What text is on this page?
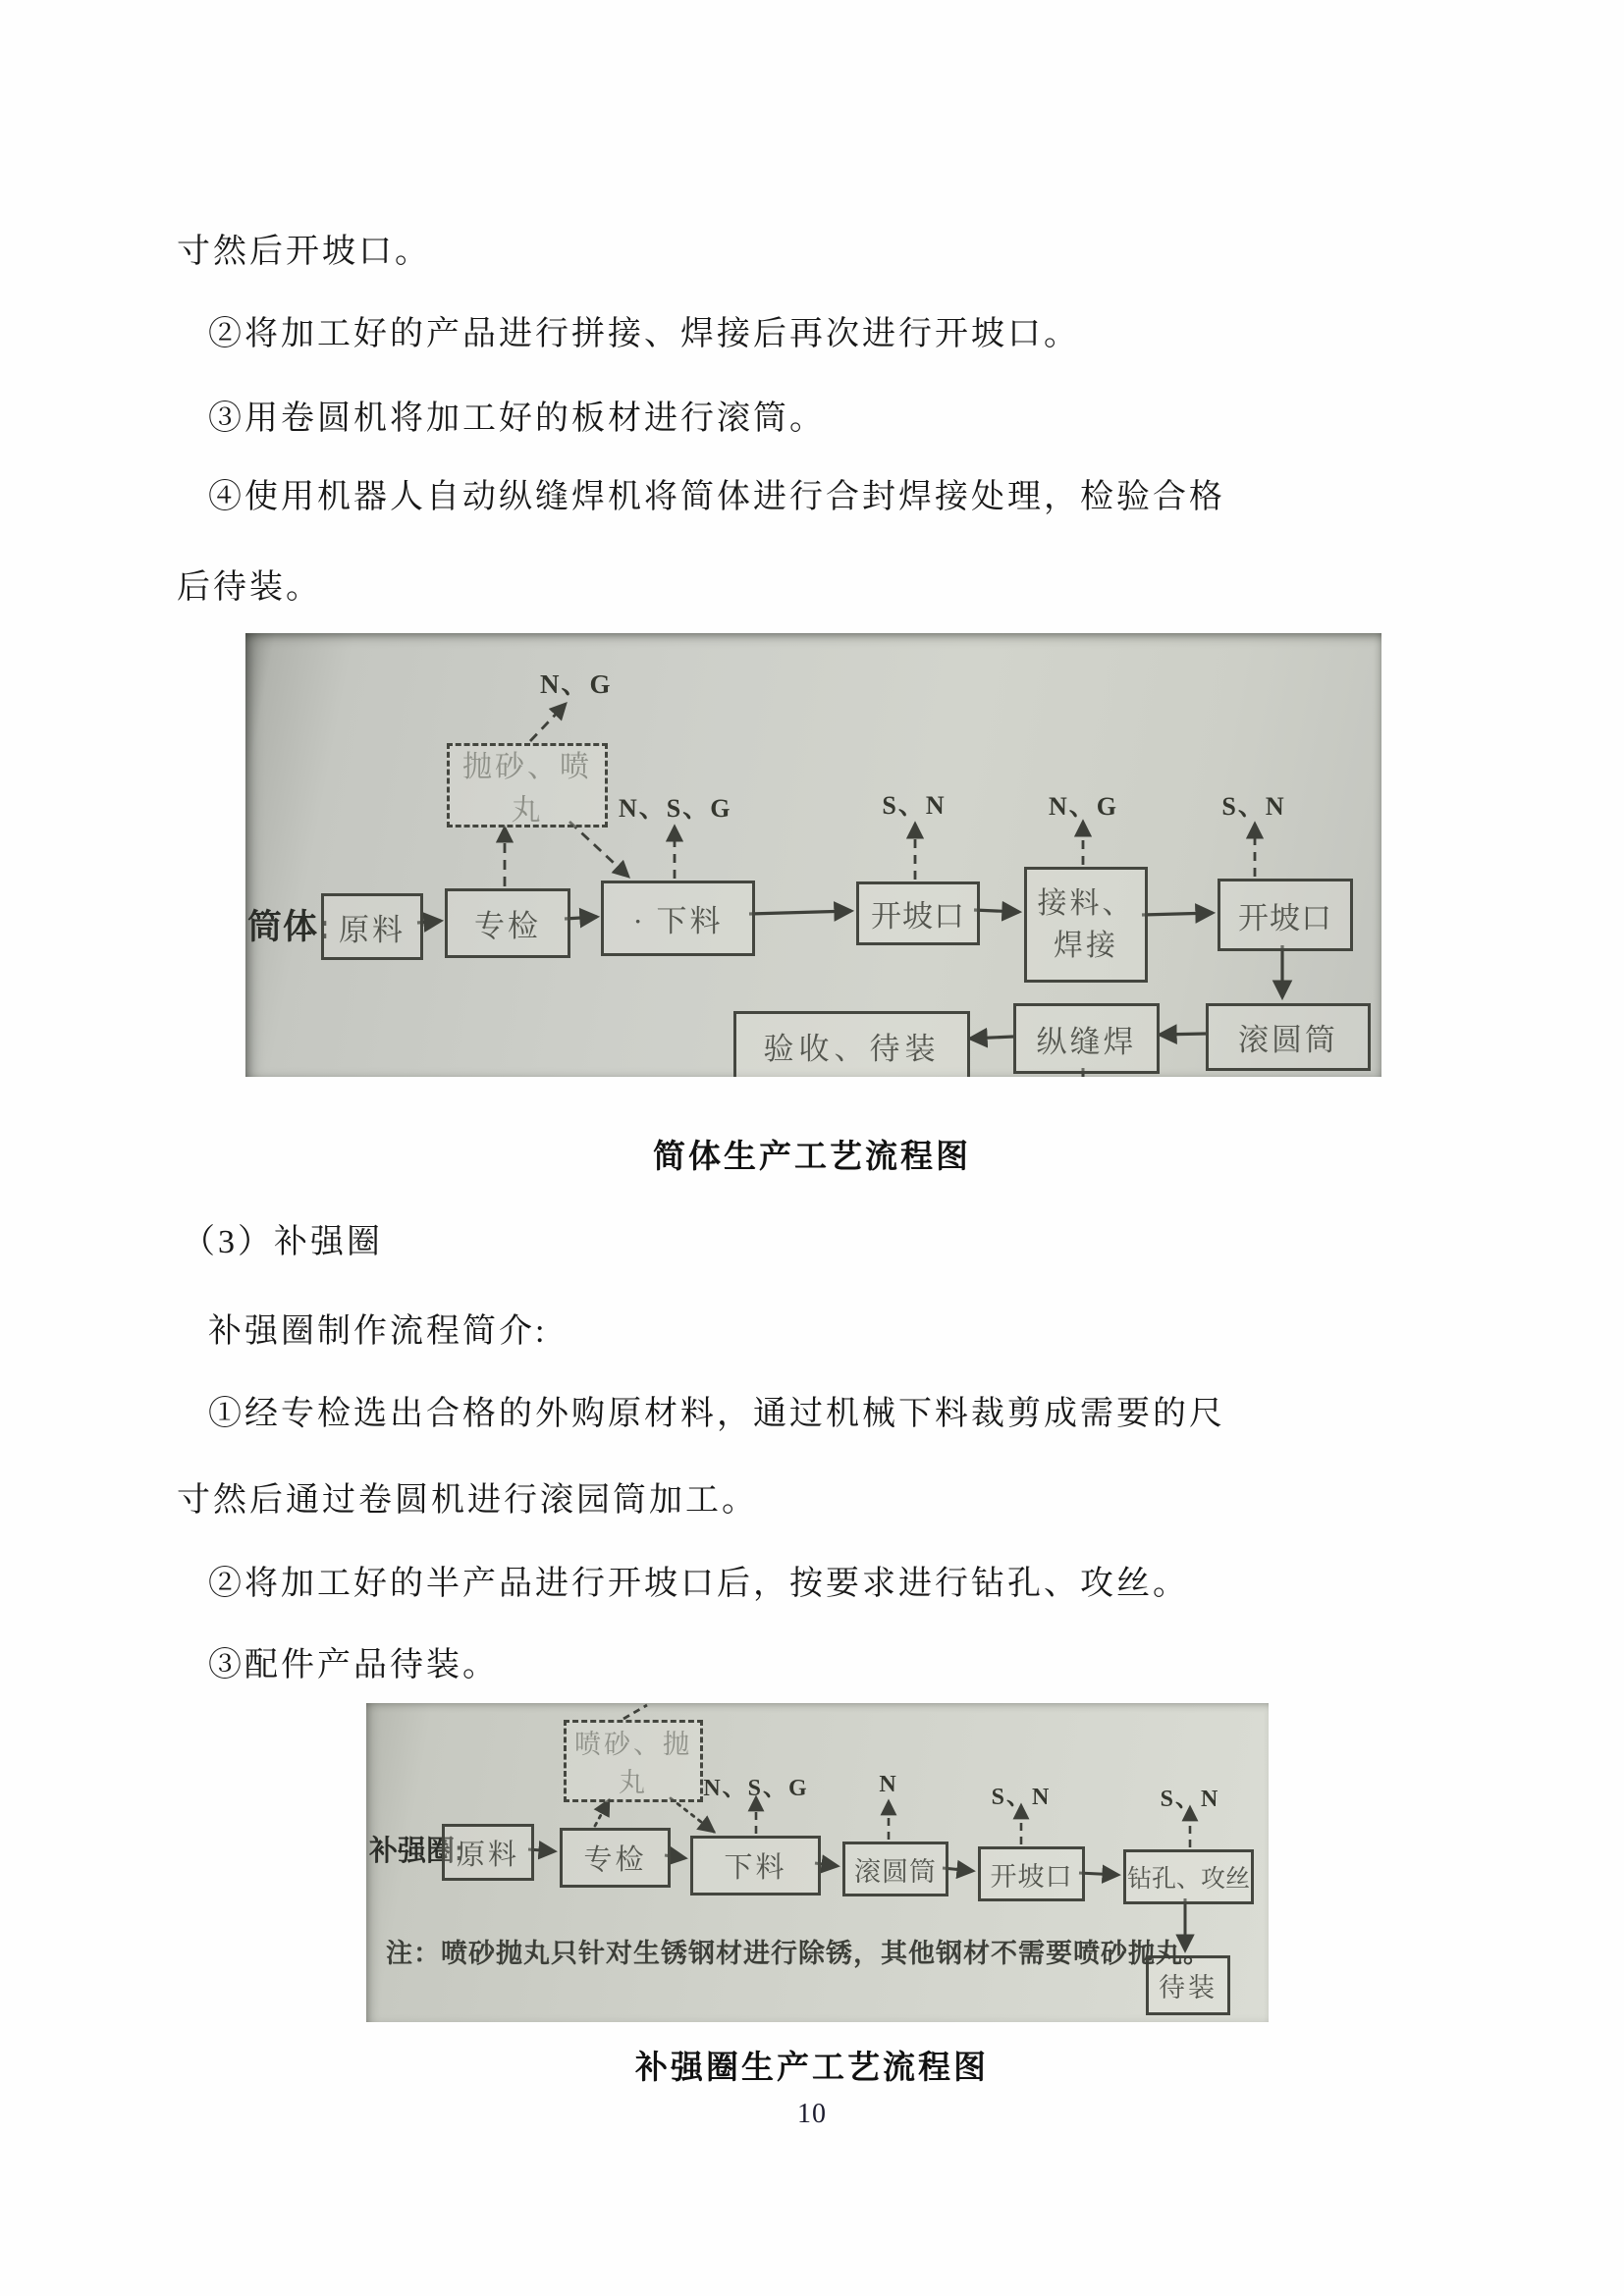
寸然后开坡口。
②将加工好的产品进行拼接、焊接后再次进行开坡口。
③用卷圆机将加工好的板材进行滚筒。
④使用机器人自动纵缝焊机将简体进行合封焊接处理，检验合格
后待装。
筒体:
抛砂、喷丸
N、G
原料	专检	· 下料	开坡口	接料、
焊接
开坡口
验收、待装	纵缝焊	滚圆筒
N、S、G	S、N	N、G	S、N
简体生产工艺流程图
（3）补强圈
补强圈制作流程简介:
①经专检选出合格的外购原材料，通过机械下料裁剪成需要的尺
寸然后通过卷圆机进行滚园筒加工。
②将加工好的半产品进行开坡口后，按要求进行钻孔、攻丝。
③配件产品待装。
补强圈:
喷砂、抛丸
原料	专检	下料	滚圆筒	开坡口	钻孔、攻丝
待装
N、S、G	N	S、N	S、N
注：喷砂抛丸只针对生锈钢材进行除锈，其他钢材不需要喷砂抛丸。
补强圈生产工艺流程图
10
